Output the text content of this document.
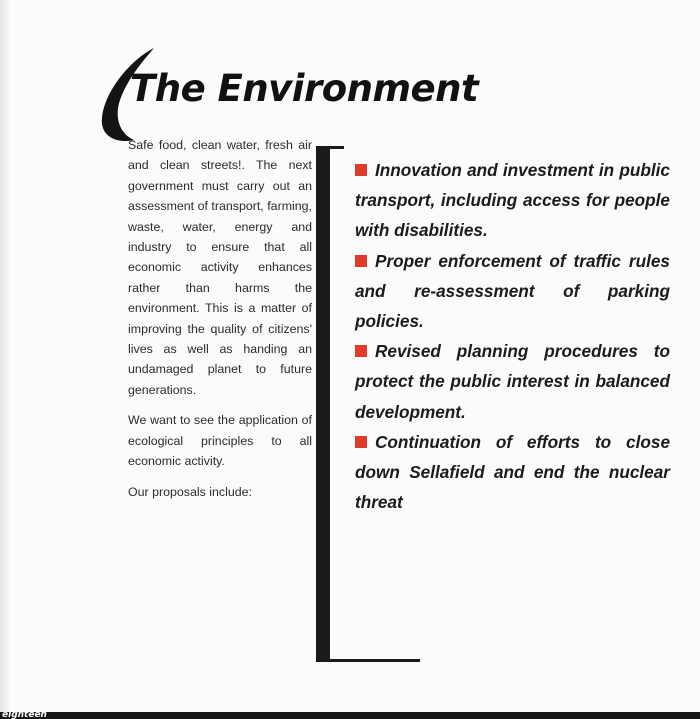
The Environment

Safe food, clean water, fresh air and clean streets!. The next government must carry out an assessment of transport, farming, waste, water, energy and industry to ensure that all economic activity enhances rather than harms the environment. This is a matter of improving the quality of citizens' lives as well as handing an undamaged planet to future generations.

We want to see the application of ecological principles to all economic activity.

Our proposals include:

Innovation and investment in public transport, including access for people with disabilities.

Proper enforcement of traffic rules and re-assessment of parking policies.

Revised planning procedures to protect the public interest in balanced development.

Continuation of efforts to close down Sellafield and end the nuclear threat

eighteen
